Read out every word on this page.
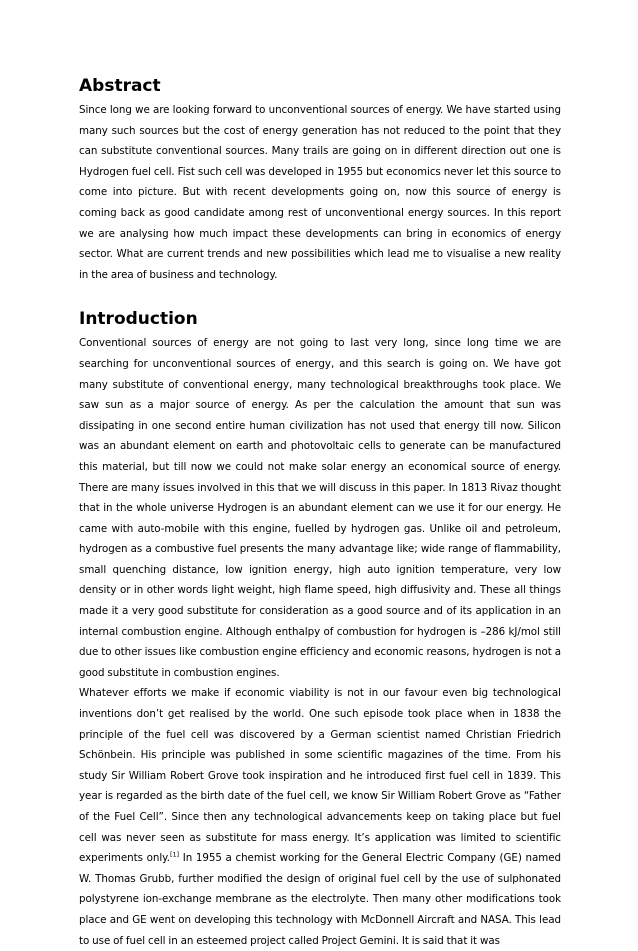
Abstract

Since long we are looking forward to unconventional sources of energy. We have started using many such sources but the cost of energy generation has not reduced to the point that they can substitute conventional sources. Many trails are going on in different direction out one is Hydrogen fuel cell. Fist such cell was developed in 1955 but economics never let this source to come into picture. But with recent developments going on, now this source of energy is coming back as good candidate among rest of unconventional energy sources. In this report we are analysing how much impact these developments can bring in economics of energy sector. What are current trends and new possibilities which lead me to visualise a new reality in the area of business and technology.

Introduction

Conventional sources of energy are not going to last very long, since long time we are searching for unconventional sources of energy, and this search is going on. We have got many substitute of conventional energy, many technological breakthroughs took place. We saw sun as a major source of energy. As per the calculation the amount that sun was dissipating in one second entire human civilization has not used that energy till now. Silicon was an abundant element on earth and photovoltaic cells to generate can be manufactured this material, but till now we could not make solar energy an economical source of energy. There are many issues involved in this that we will discuss in this paper. In 1813 Rivaz thought that in the whole universe Hydrogen is an abundant element can we use it for our energy. He came with auto-mobile with this engine, fuelled by hydrogen gas. Unlike oil and petroleum, hydrogen as a combustive fuel presents the many advantage like; wide range of flammability, small quenching distance, low ignition energy, high auto ignition temperature, very low density or in other words light weight, high flame speed, high diffusivity and. These all things made it a very good substitute for consideration as a good source and of its application in an internal combustion engine. Although enthalpy of combustion for hydrogen is –286 kJ/mol still due to other issues like combustion engine efficiency and economic reasons, hydrogen is not a good substitute in combustion engines.

Whatever efforts we make if economic viability is not in our favour even big technological inventions don’t get realised by the world. One such episode took place when in 1838 the principle of the fuel cell was discovered by a German scientist named Christian Friedrich Schönbein. His principle was published in some scientific magazines of the time. From his study Sir William Robert Grove took inspiration and he introduced first fuel cell in 1839. This year is regarded as the birth date of the fuel cell, we know Sir William Robert Grove as “Father of the Fuel Cell”. Since then any technological advancements keep on taking place but fuel cell was never seen as substitute for mass energy. It’s application was limited to scientific experiments only.[1] In 1955 a chemist working for the General Electric Company (GE) named W. Thomas Grubb, further modified the design of original fuel cell by the use of sulphonated polystyrene ion-exchange membrane as the electrolyte. Then many other modifications took place and GE went on developing this technology with McDonnell Aircraft and NASA. This lead to use of fuel cell in an esteemed project called Project Gemini. It is said that it was
